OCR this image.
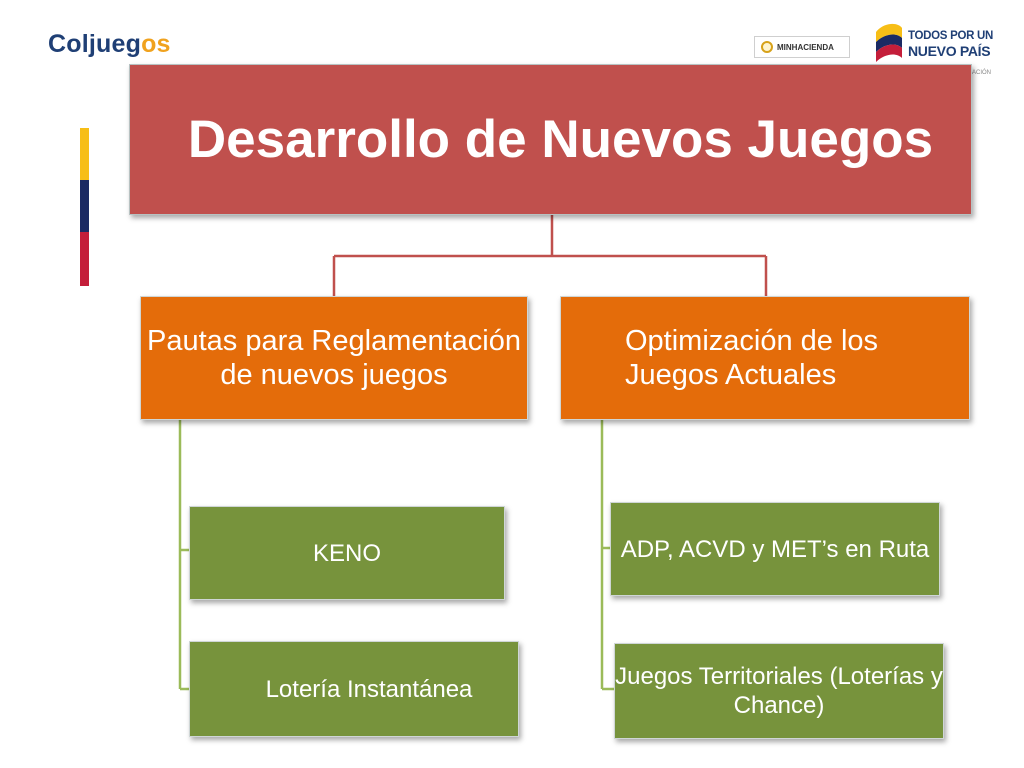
Coljuegos	MINHACIENDA
TODOS POR UN
NUEVO PAÍS
ACIÓN
Desarrollo de Nuevos Juegos
Pautas para Reglamentación de nuevos juegos
Optimización de los Juegos Actuales
KENO
Lotería Instantánea
ADP, ACVD y MET’s en Ruta
Juegos Territoriales (Loterías y Chance)
